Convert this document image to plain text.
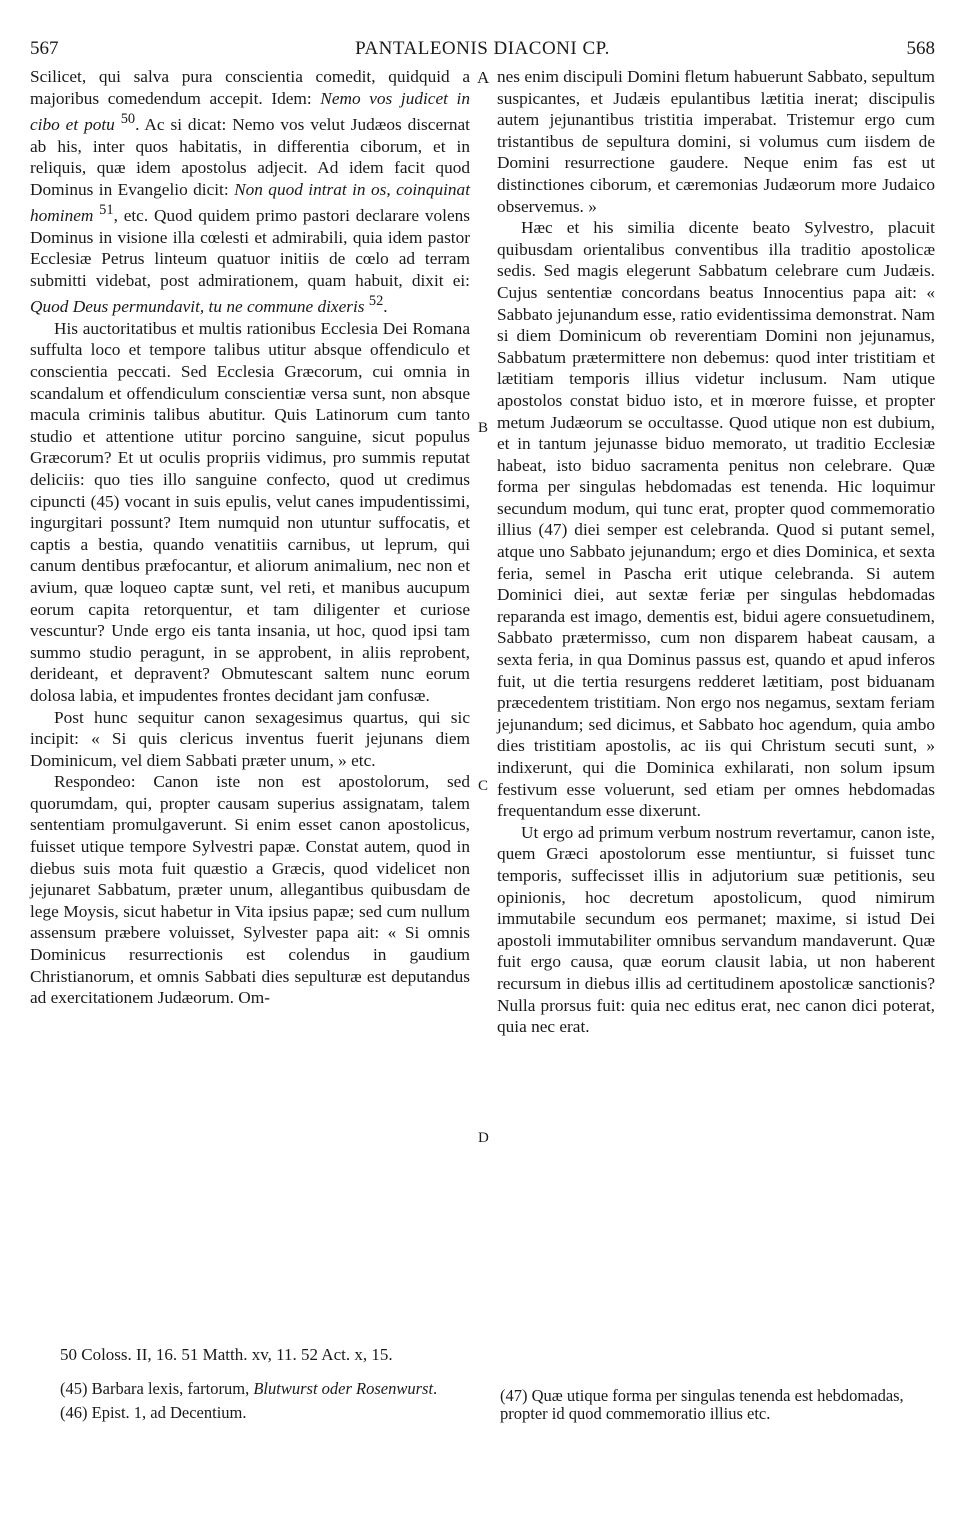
567	PANTALEONIS DIACONI CP.	568
A
B
C
D

Scilicet, qui salva pura conscientia comedit, quidquid a majoribus comedendum accepit. Idem: Nemo vos judicet in cibo et potu $^{50}$. Ac si dicat: Nemo vos velut Judæos discernat ab his, inter quos habitatis, in differentia ciborum, et in reliquis, quæ idem apostolus adjecit. Ad idem facit quod Dominus in Evangelio dicit: Non quod intrat in os, coinquinat hominem $^{51}$, etc. Quod quidem primo pastori declarare volens Dominus in visione illa cœlesti et admirabili, quia idem pastor Ecclesiæ Petrus linteum quatuor initiis de cœlo ad terram submitti videbat, post admirationem, quam habuit, dixit ei: Quod Deus permundavit, tu ne commune dixeris $^{52}$.

His auctoritatibus et multis rationibus Ecclesia Dei Romana suffulta loco et tempore talibus utitur absque offendiculo et conscientia peccati. Sed Ecclesia Græcorum, cui omnia in scandalum et offendiculum conscientiæ versa sunt, non absque macula criminis talibus abutitur. Quis Latinorum cum tanto studio et attentione utitur porcino sanguine, sicut populus Græcorum? Et ut oculis propriis vidimus, pro summis reputat deliciis: quo ties illo sanguine confecto, quod ut credimus cipuncti (45) vocant in suis epulis, velut canes impudentissimi, ingurgitari possunt? Item numquid non utuntur suffocatis, et captis a bestia, quando venatitiis carnibus, ut leprum, qui canum dentibus præfocantur, et aliorum animalium, nec non et avium, quæ loqueo captæ sunt, vel reti, et manibus aucupum eorum capita retorquentur, et tam diligenter et curiose vescuntur? Unde ergo eis tanta insania, ut hoc, quod ipsi tam summo studio peragunt, in se approbent, in aliis reprobent, derideant, et depravent? Obmutescant saltem nunc eorum dolosa labia, et impudentes frontes decidant jam confusæ.

Post hunc sequitur canon sexagesimus quartus, qui sic incipit: « Si quis clericus inventus fuerit jejunans diem Dominicum, vel diem Sabbati præter unum, » etc.

Respondeo: Canon iste non est apostolorum, sed quorumdam, qui, propter causam superius assignatam, talem sententiam promulgaverunt. Si enim esset canon apostolicus, fuisset utique tempore Sylvestri papæ. Constat autem, quod in diebus suis mota fuit quæstio a Græcis, quod videlicet non jejunaret Sabbatum, præter unum, allegantibus quibusdam de lege Moysis, sicut habetur in Vita ipsius papæ; sed cum nullum assensum præbere voluisset, Sylvester papa ait: « Si omnis Dominicus resurrectionis est colendus in gaudium Christianorum, et omnis Sabbati dies sepulturæ est deputandus ad exercitationem Judæorum. Om-

nes enim discipuli Domini fletum habuerunt Sabbato, sepultum suspicantes, et Judæis epulantibus lætitia inerat; discipulis autem jejunantibus tristitia imperabat. Tristemur ergo cum tristantibus de sepultura domini, si volumus cum iisdem de Domini resurrectione gaudere. Neque enim fas est ut distinctiones ciborum, et cæremonias Judæorum more Judaico observemus. »

Hæc et his similia dicente beato Sylvestro, placuit quibusdam orientalibus conventibus illa traditio apostolicæ sedis. Sed magis elegerunt Sabbatum celebrare cum Judæis. Cujus sententiæ concordans beatus Innocentius papa ait: « Sabbato jejunandum esse, ratio evidentissima demonstrat. Nam si diem Dominicum ob reverentiam Domini non jejunamus, Sabbatum prætermittere non debemus: quod inter tristitiam et lætitiam temporis illius videtur inclusum. Nam utique apostolos constat biduo isto, et in mœrore fuisse, et propter metum Judæorum se occultasse. Quod utique non est dubium, et in tantum jejunasse biduo memorato, ut traditio Ecclesiæ habeat, isto biduo sacramenta penitus non celebrare. Quæ forma per singulas hebdomadas est tenenda. Hic loquimur secundum modum, qui tunc erat, propter quod commemoratio illius (47) diei semper est celebranda. Quod si putant semel, atque uno Sabbato jejunandum; ergo et dies Dominica, et sexta feria, semel in Pascha erit utique celebranda. Si autem Dominici diei, aut sextæ feriæ per singulas hebdomadas reparanda est imago, dementis est, bidui agere consuetudinem, Sabbato prætermisso, cum non disparem habeat causam, a sexta feria, in qua Dominus passus est, quando et apud inferos fuit, ut die tertia resurgens redderet lætitiam, post biduanam præcedentem tristitiam. Non ergo nos negamus, sextam feriam jejunandum; sed dicimus, et Sabbato hoc agendum, quia ambo dies tristitiam apostolis, ac iis qui Christum secuti sunt, » indixerunt, qui die Dominica exhilarati, non solum ipsum festivum esse voluerunt, sed etiam per omnes hebdomadas frequentandum esse dixerunt.

Ut ergo ad primum verbum nostrum revertamur, canon iste, quem Græci apostolorum esse mentiuntur, si fuisset tunc temporis, suffecisset illis in adjutorium suæ petitionis, seu opinionis, hoc decretum apostolicum, quod nimirum immutabile secundum eos permanet; maxime, si istud Dei apostoli immutabiliter omnibus servandum mandaverunt. Quæ fuit ergo causa, quæ eorum clausit labia, ut non haberent recursum in diebus illis ad certitudinem apostolicæ sanctionis? Nulla prorsus fuit: quia nec editus erat, nec canon dici poterat, quia nec erat.

50 Coloss. II, 16. 51 Matth. xv, 11. 52 Act. x, 15.

(45) Barbara lexis, fartorum, Blutwurst oder Rosenwurst.

(46) Epist. 1, ad Decentium.

(47) Quæ utique forma per singulas tenenda est hebdomadas, propter id quod commemoratio illius etc.
